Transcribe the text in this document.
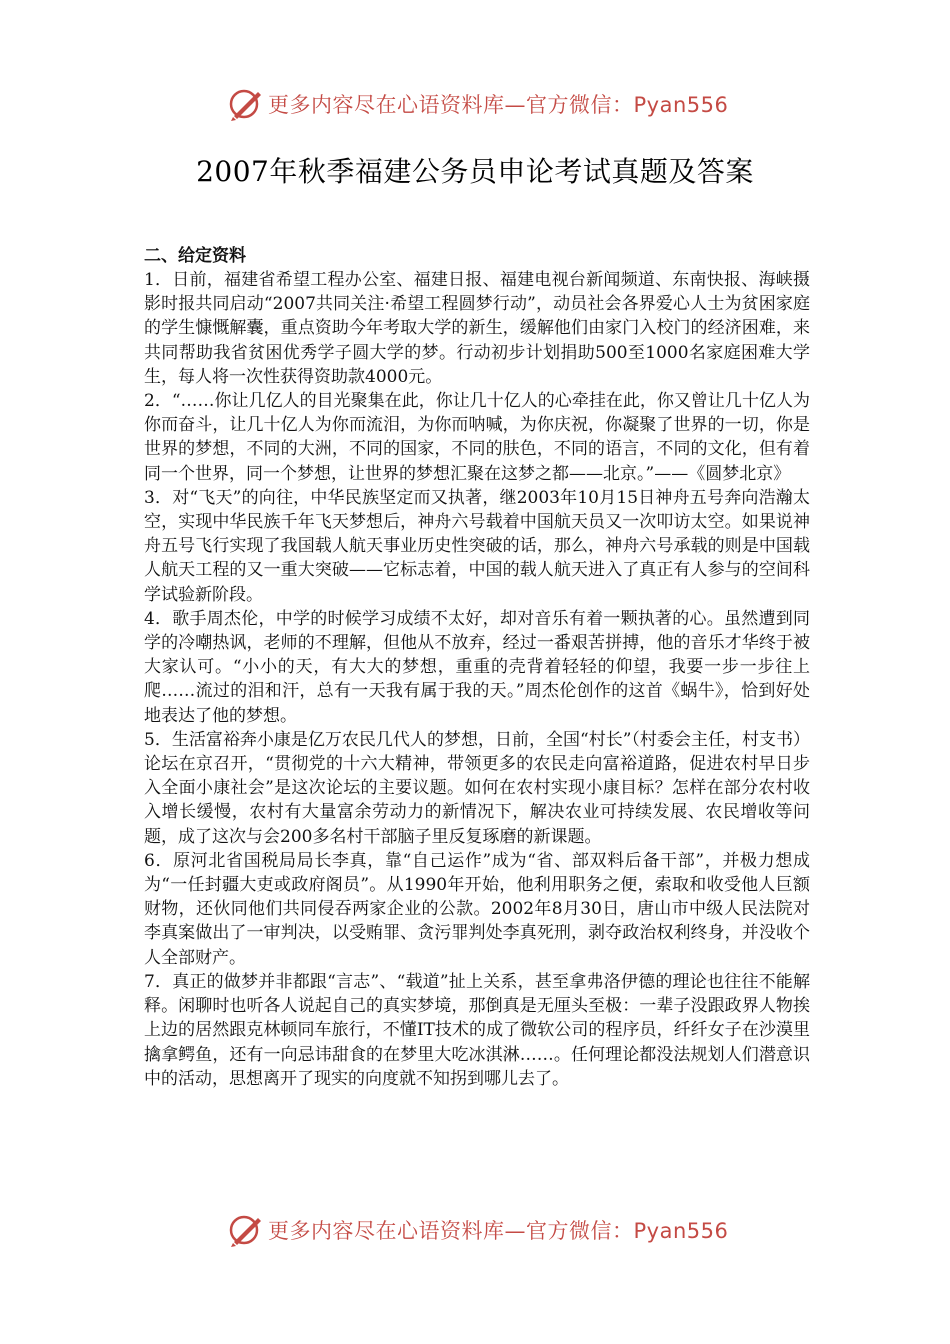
更多内容尽在心语资料库—官方微信：Pyan556
2007年秋季福建公务员申论考试真题及答案

二、给定资料

1．日前，福建省希望工程办公室、福建日报、福建电视台新闻频道、东南快报、海峡摄影时报共同启动“2007共同关注·希望工程圆梦行动”，动员社会各界爱心人士为贫困家庭的学生慷慨解囊，重点资助今年考取大学的新生，缓解他们由家门入校门的经济困难，来共同帮助我省贫困优秀学子圆大学的梦。行动初步计划捐助500至1000名家庭困难大学生，每人将一次性获得资助款4000元。

2．“……你让几亿人的目光聚集在此，你让几十亿人的心牵挂在此，你又曾让几十亿人为你而奋斗，让几十亿人为你而流泪，为你而呐喊，为你庆祝，你凝聚了世界的一切，你是世界的梦想，不同的大洲，不同的国家，不同的肤色，不同的语言，不同的文化，但有着同一个世界，同一个梦想，让世界的梦想汇聚在这梦之都——北京。”——《圆梦北京》

3．对“飞天”的向往，中华民族坚定而又执著，继2003年10月15日神舟五号奔向浩瀚太空，实现中华民族千年飞天梦想后，神舟六号载着中国航天员又一次叩访太空。如果说神舟五号飞行实现了我国载人航天事业历史性突破的话，那么，神舟六号承载的则是中国载人航天工程的又一重大突破——它标志着，中国的载人航天进入了真正有人参与的空间科学试验新阶段。

4．歌手周杰伦，中学的时候学习成绩不太好，却对音乐有着一颗执著的心。虽然遭到同学的冷嘲热讽，老师的不理解，但他从不放弃，经过一番艰苦拼搏，他的音乐才华终于被大家认可。“小小的天，有大大的梦想，重重的壳背着轻轻的仰望，我要一步一步往上爬……流过的泪和汗，总有一天我有属于我的天。”周杰伦创作的这首《蜗牛》，恰到好处地表达了他的梦想。

5．生活富裕奔小康是亿万农民几代人的梦想，日前，全国“村长”（村委会主任，村支书）论坛在京召开，“贯彻党的十六大精神，带领更多的农民走向富裕道路，促进农村早日步入全面小康社会”是这次论坛的主要议题。如何在农村实现小康目标？怎样在部分农村收入增长缓慢，农村有大量富余劳动力的新情况下，解决农业可持续发展、农民增收等问题，成了这次与会200多名村干部脑子里反复琢磨的新课题。

6．原河北省国税局局长李真，靠“自己运作”成为“省、部双料后备干部”，并极力想成为“一任封疆大吏或政府阁员”。从1990年开始，他利用职务之便，索取和收受他人巨额财物，还伙同他们共同侵吞两家企业的公款。2002年8月30日，唐山市中级人民法院对李真案做出了一审判决，以受贿罪、贪污罪判处李真死刑，剥夺政治权利终身，并没收个人全部财产。

7．真正的做梦并非都跟“言志”、“载道”扯上关系，甚至拿弗洛伊德的理论也往往不能解释。闲聊时也听各人说起自己的真实梦境，那倒真是无厘头至极：一辈子没跟政界人物挨上边的居然跟克林顿同车旅行，不懂IT技术的成了微软公司的程序员，纤纤女子在沙漠里擒拿鳄鱼，还有一向忌讳甜食的在梦里大吃冰淇淋……。任何理论都没法规划人们潜意识中的活动，思想离开了现实的向度就不知拐到哪儿去了。

更多内容尽在心语资料库—官方微信：Pyan556
